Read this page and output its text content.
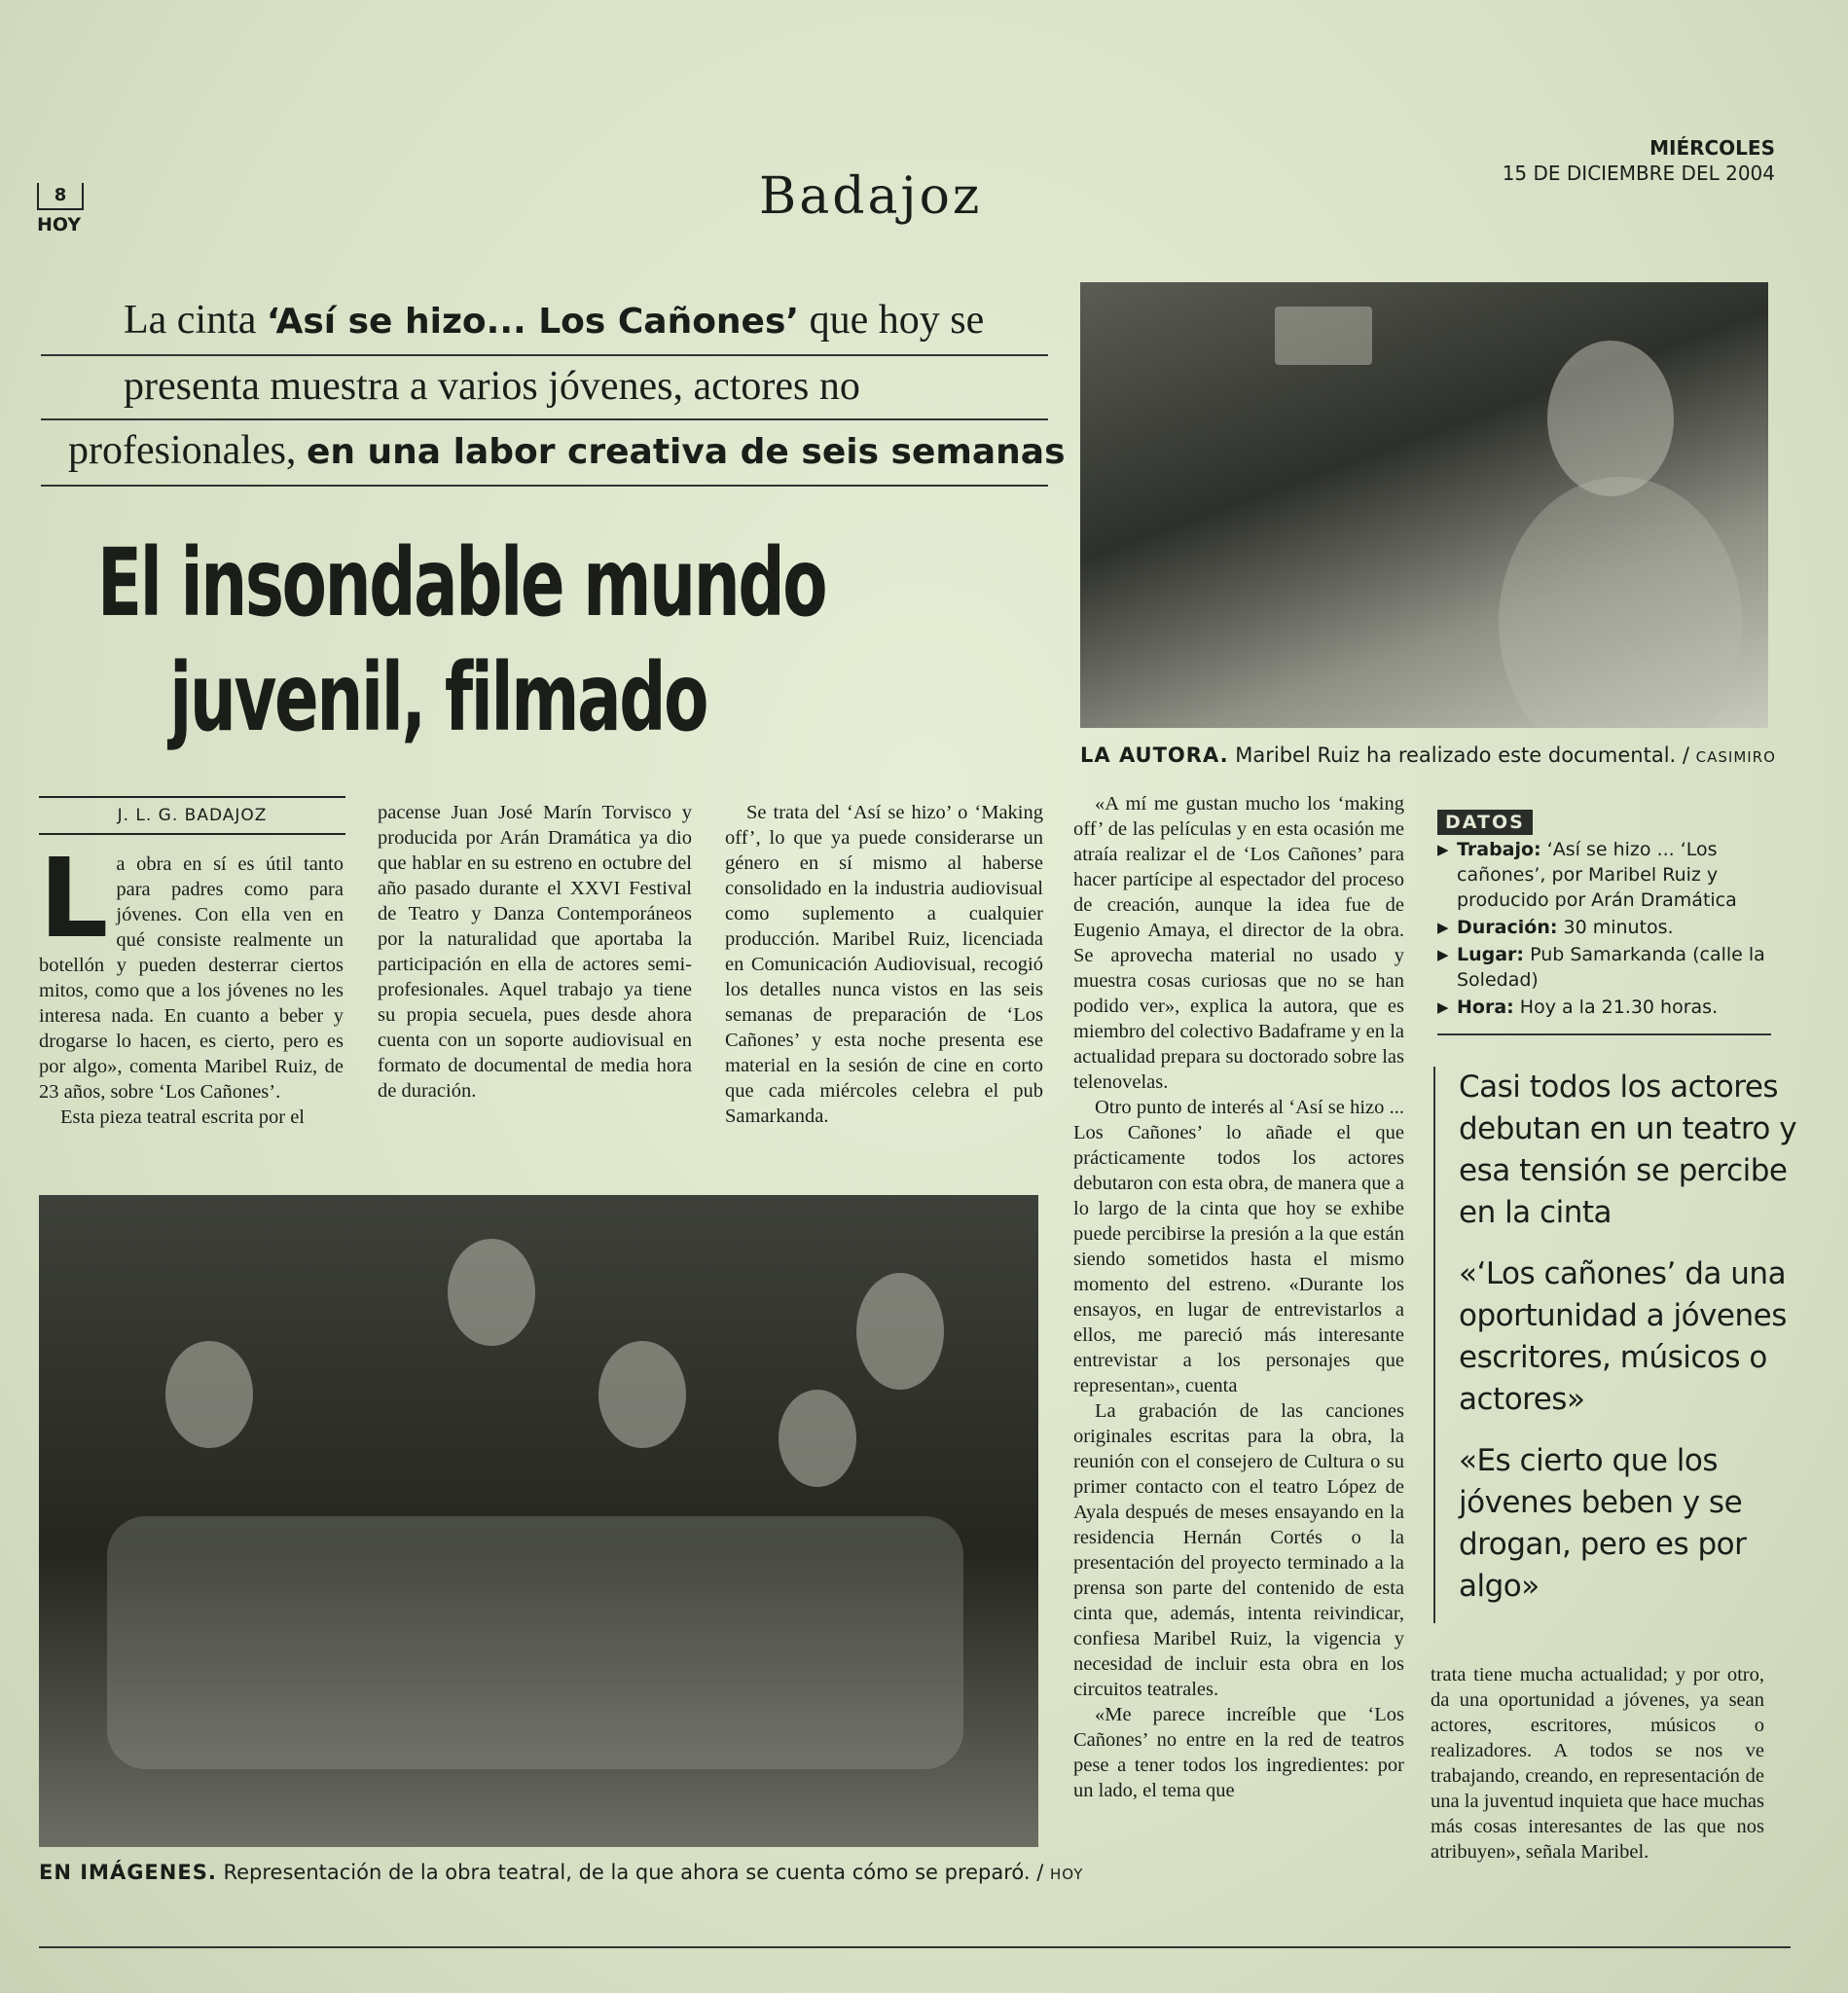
8
HOY	Badajoz
MIÉRCOLES
15 DE DICIEMBRE DEL 2004
La cinta ‘Así se hizo... Los Cañones’ que hoy se
presenta muestra a varios jóvenes, actores no
profesionales, en una labor creativa de seis semanas
El insondable mundo
juvenil, filmado
LA AUTORA. Maribel Ruiz ha realizado este documental. / CASIMIRO
J. L. G. BADAJOZ

La obra en sí es útil tanto para padres como para jóvenes. Con ella ven en qué consiste realmente un botellón y pueden desterrar ciertos mitos, como que a los jóvenes no les interesa nada. En cuanto a beber y drogarse lo hacen, es cierto, pero es por algo», comenta Maribel Ruiz, de 23 años, sobre ‘Los Cañones’.

Esta pieza teatral escrita por el

pacense Juan José Marín Torvisco y producida por Arán Dramática ya dio que hablar en su estreno en octubre del año pasado durante el XXVI Festival de Teatro y Danza Contemporáneos por la naturalidad que aportaba la participación en ella de actores semi-profesionales. Aquel trabajo ya tiene su propia secuela, pues desde ahora cuenta con un soporte audiovisual en formato de documental de media hora de duración.

Se trata del ‘Así se hizo’ o ‘Making off’, lo que ya puede considerarse un género en sí mismo al haberse consolidado en la industria audiovisual como suplemento a cualquier producción. Maribel Ruiz, licenciada en Comunicación Audiovisual, recogió los detalles nunca vistos en las seis semanas de preparación de ‘Los Cañones’ y esta noche presenta ese material en la sesión de cine en corto que cada miércoles celebra el pub Samarkanda.

«A mí me gustan mucho los ‘making off’ de las películas y en esta ocasión me atraía realizar el de ‘Los Cañones’ para hacer partícipe al espectador del proceso de creación, aunque la idea fue de Eugenio Amaya, el director de la obra. Se aprovecha material no usado y muestra cosas curiosas que no se han podido ver», explica la autora, que es miembro del colectivo Badaframe y en la actualidad prepara su doctorado sobre las telenovelas.

Otro punto de interés al ‘Así se hizo ... Los Cañones’ lo añade el que prácticamente todos los actores debutaron con esta obra, de manera que a lo largo de la cinta que hoy se exhibe puede percibirse la presión a la que están siendo sometidos hasta el mismo momento del estreno. «Durante los ensayos, en lugar de entrevistarlos a ellos, me pareció más interesante entrevistar a los personajes que representan», cuenta

La grabación de las canciones originales escritas para la obra, la reunión con el consejero de Cultura o su primer contacto con el teatro López de Ayala después de meses ensayando en la residencia Hernán Cortés o la presentación del proyecto terminado a la prensa son parte del contenido de esta cinta que, además, intenta reivindicar, confiesa Maribel Ruiz, la vigencia y necesidad de incluir esta obra en los circuitos teatrales.

«Me parece increíble que ‘Los Cañones’ no entre en la red de teatros pese a tener todos los ingredientes: por un lado, el tema que

trata tiene mucha actualidad; y por otro, da una oportunidad a jóvenes, ya sean actores, escritores, músicos o realizadores. A todos se nos ve trabajando, creando, en representación de una la juventud inquieta que hace muchas más cosas interesantes de las que nos atribuyen», señala Maribel.

DATOS
▶ Trabajo: ‘Así se hizo ... ‘Los cañones’, por Maribel Ruiz y producido por Arán Dramática
▶ Duración: 30 minutos.
▶ Lugar: Pub Samarkanda (calle la Soledad)
▶ Hora: Hoy a la 21.30 horas.
Casi todos los actores debutan en un teatro y esa tensión se percibe en la cinta
«‘Los cañones’ da una oportunidad a jóvenes escritores, músicos o actores»
«Es cierto que los jóvenes beben y se drogan, pero es por algo»
EN IMÁGENES. Representación de la obra teatral, de la que ahora se cuenta cómo se preparó. / HOY
